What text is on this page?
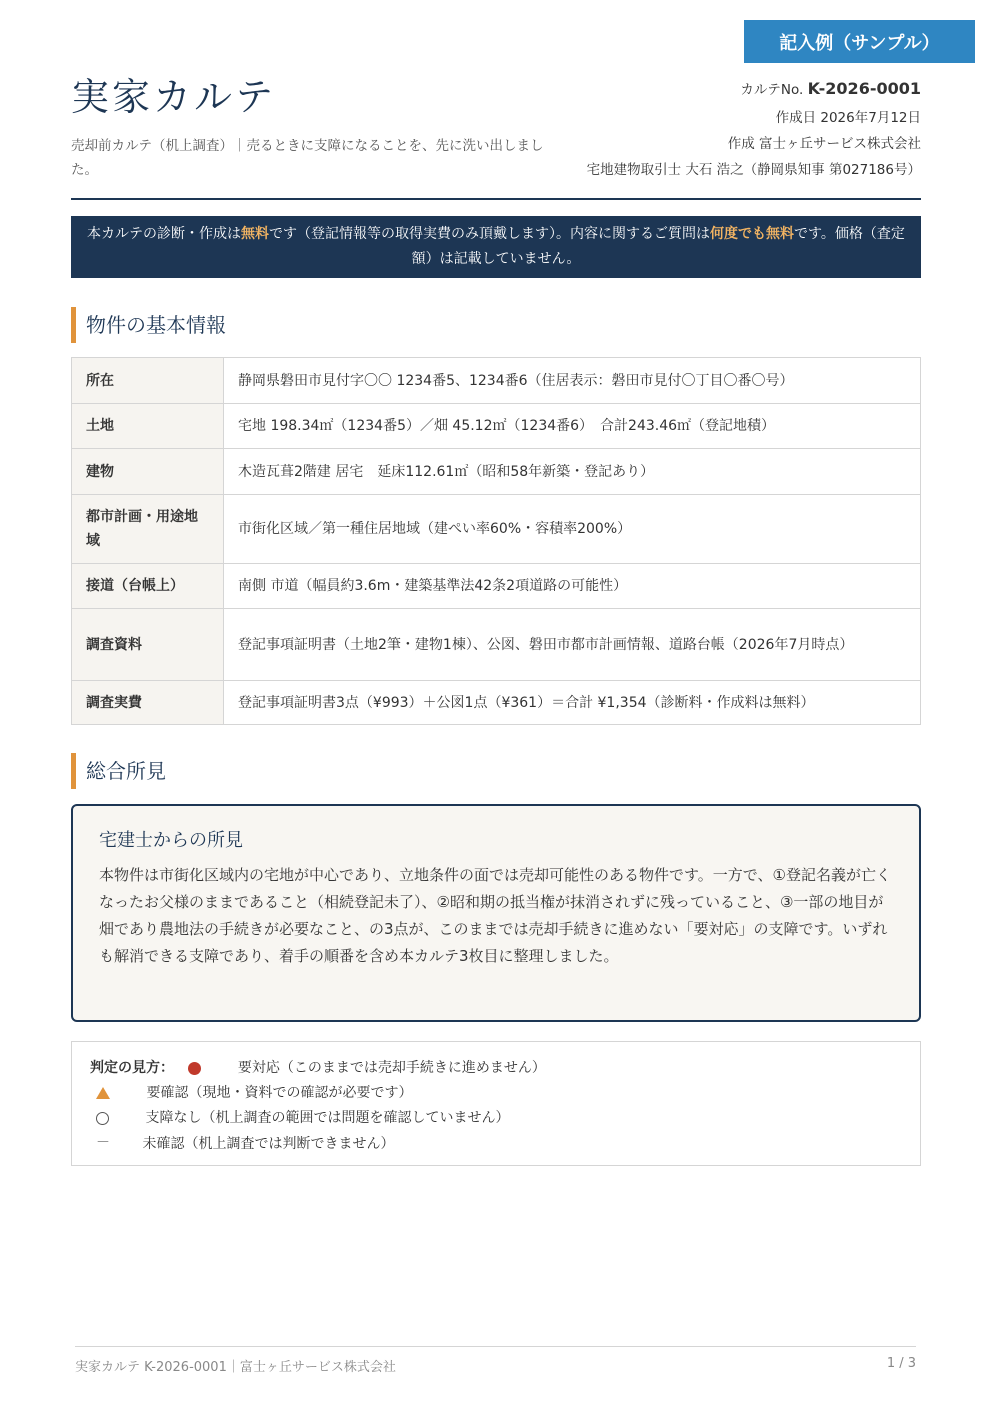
記入例（サンプル）
実家カルテ
売却前カルテ（机上調査）｜売るときに支障になることを、先に洗い出しました。
カルテNo. K-2026-0001
作成日 2026年7月12日
作成 富士ヶ丘サービス株式会社
宅地建物取引士 大石 浩之（静岡県知事 第027186号）
本カルテの診断・作成は無料です（登記情報等の取得実費のみ頂戴します）。内容に関するご質問は何度でも無料です。価格（査定額）は記載していません。
物件の基本情報
所在	静岡県磐田市見付字〇〇 1234番5、1234番6（住居表示：磐田市見付〇丁目〇番〇号）
土地	宅地 198.34㎡（1234番5）／畑 45.12㎡（1234番6）　合計243.46㎡（登記地積）
建物	木造瓦葺2階建 居宅　延床112.61㎡（昭和58年新築・登記あり）
都市計画・用途地域	市街化区域／第一種住居地域（建ぺい率60%・容積率200%）
接道（台帳上）	南側 市道（幅員約3.6m・建築基準法42条2項道路の可能性）
調査資料	登記事項証明書（土地2筆・建物1棟）、公図、磐田市都市計画情報、道路台帳（2026年7月時点）
調査実費	登記事項証明書3点（¥993）＋公図1点（¥361）＝合計 ¥1,354（診断料・作成料は無料）
総合所見
宅建士からの所見
本物件は市街化区域内の宅地が中心であり、立地条件の面では売却可能性のある物件です。一方で、①登記名義が亡くなったお父様のままであること（相続登記未了）、②昭和期の抵当権が抹消されずに残っていること、③一部の地目が畑であり農地法の手続きが必要なこと、の3点が、このままでは売却手続きに進めない「要対応」の支障です。いずれも解消できる支障であり、着手の順番を含め本カルテ3枚目に整理しました。
判定の見方：	要対応（このままでは売却手続きに進めません）
要確認（現地・資料での確認が必要です）
支障なし（机上調査の範囲では問題を確認していません）
－ 未確認（机上調査では判断できません）
実家カルテ K-2026-0001｜富士ヶ丘サービス株式会社	1 / 3
